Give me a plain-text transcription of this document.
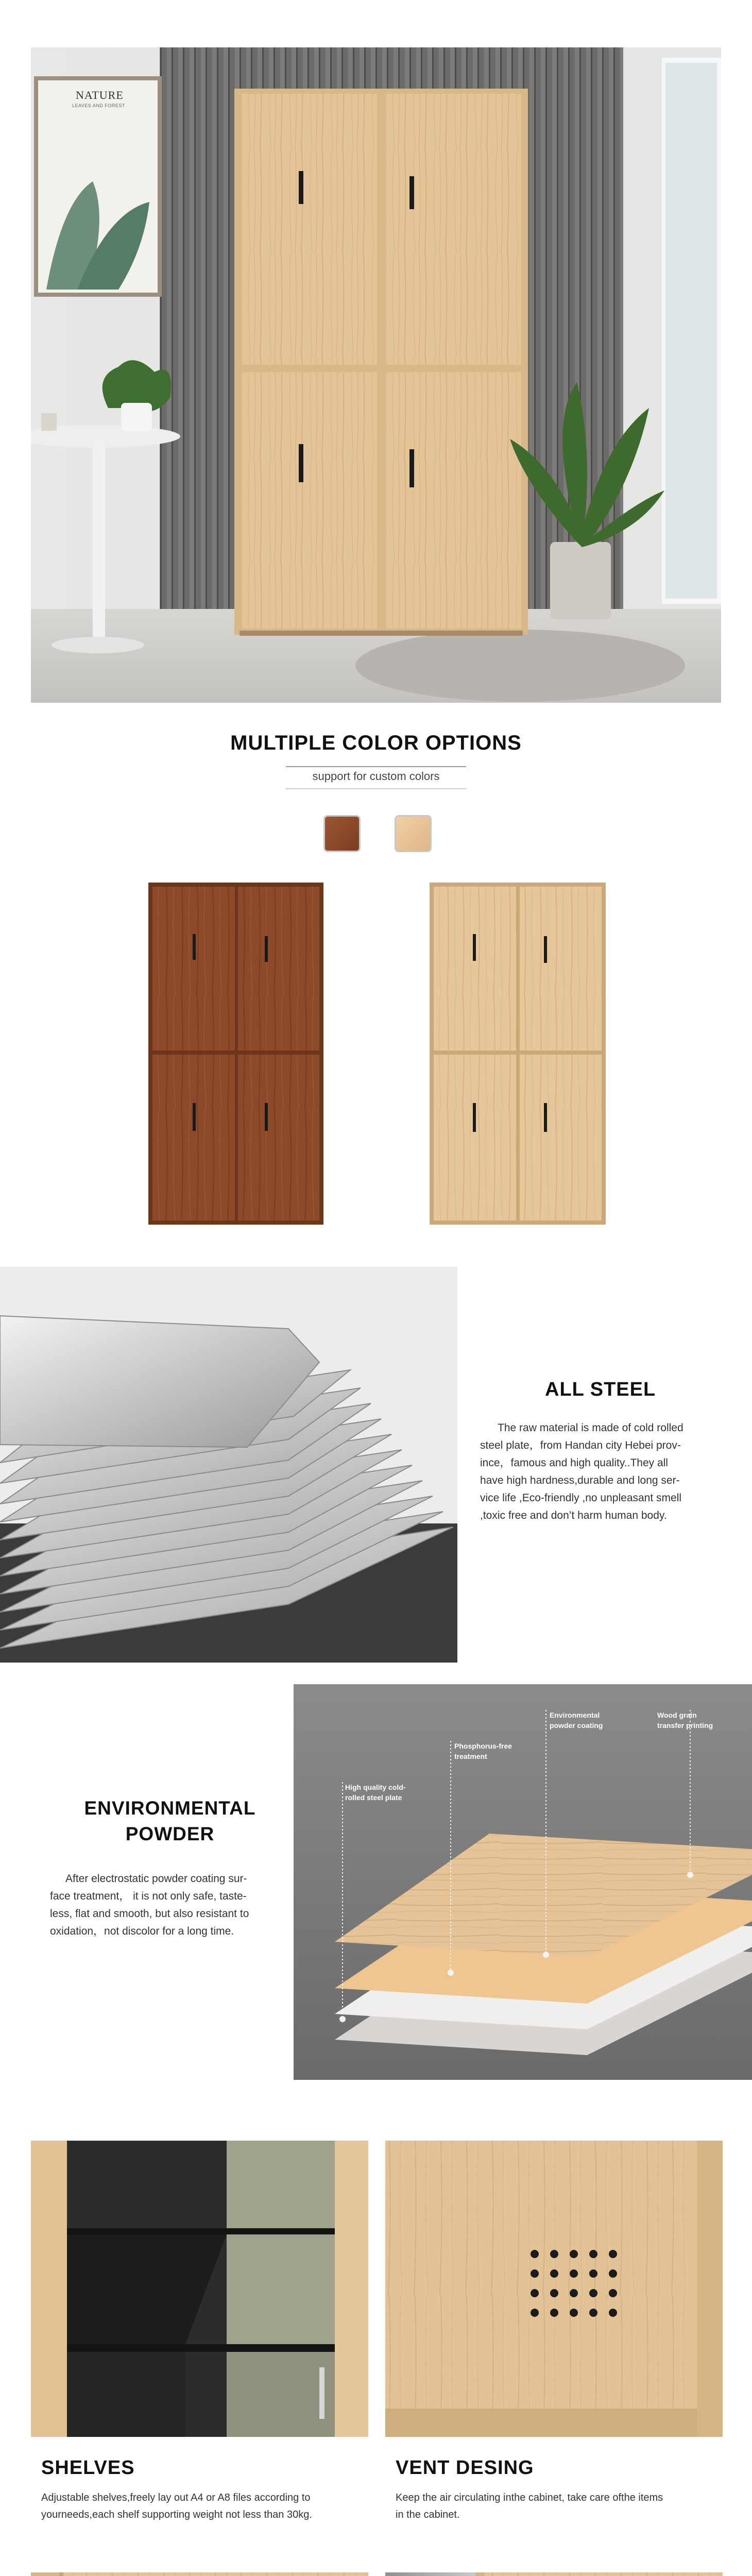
NATURE
LEAVES AND FOREST
MULTIPLE COLOR OPTIONS
support for custom colors
ALL STEEL
The raw material is made of cold rolled
steel plate，from Handan city Hebei prov-
ince，famous and high quality..They all
have high hardness,durable and long ser-
vice life ,Eco-friendly ,no unpleasant smell
,toxic free and don’t harm human body.
ENVIRONMENTAL
POWDER
After electrostatic powder coating sur-
face treatment， it is not only safe, taste-
less, flat and smooth, but also resistant to
oxidation，not discolor for a long time.
High quality cold-
rolled steel plate
Phosphorus-free
treatment
Environmental
powder coating
Wood grain
transfer printing
SHELVES
Adjustable shelves,freely lay out A4 or A8 files according to
yourneeds,each shelf supporting weight not less than 30kg.
VENT DESING
Keep the air circulating inthe cabinet, take care ofthe items
in the cabinet.
